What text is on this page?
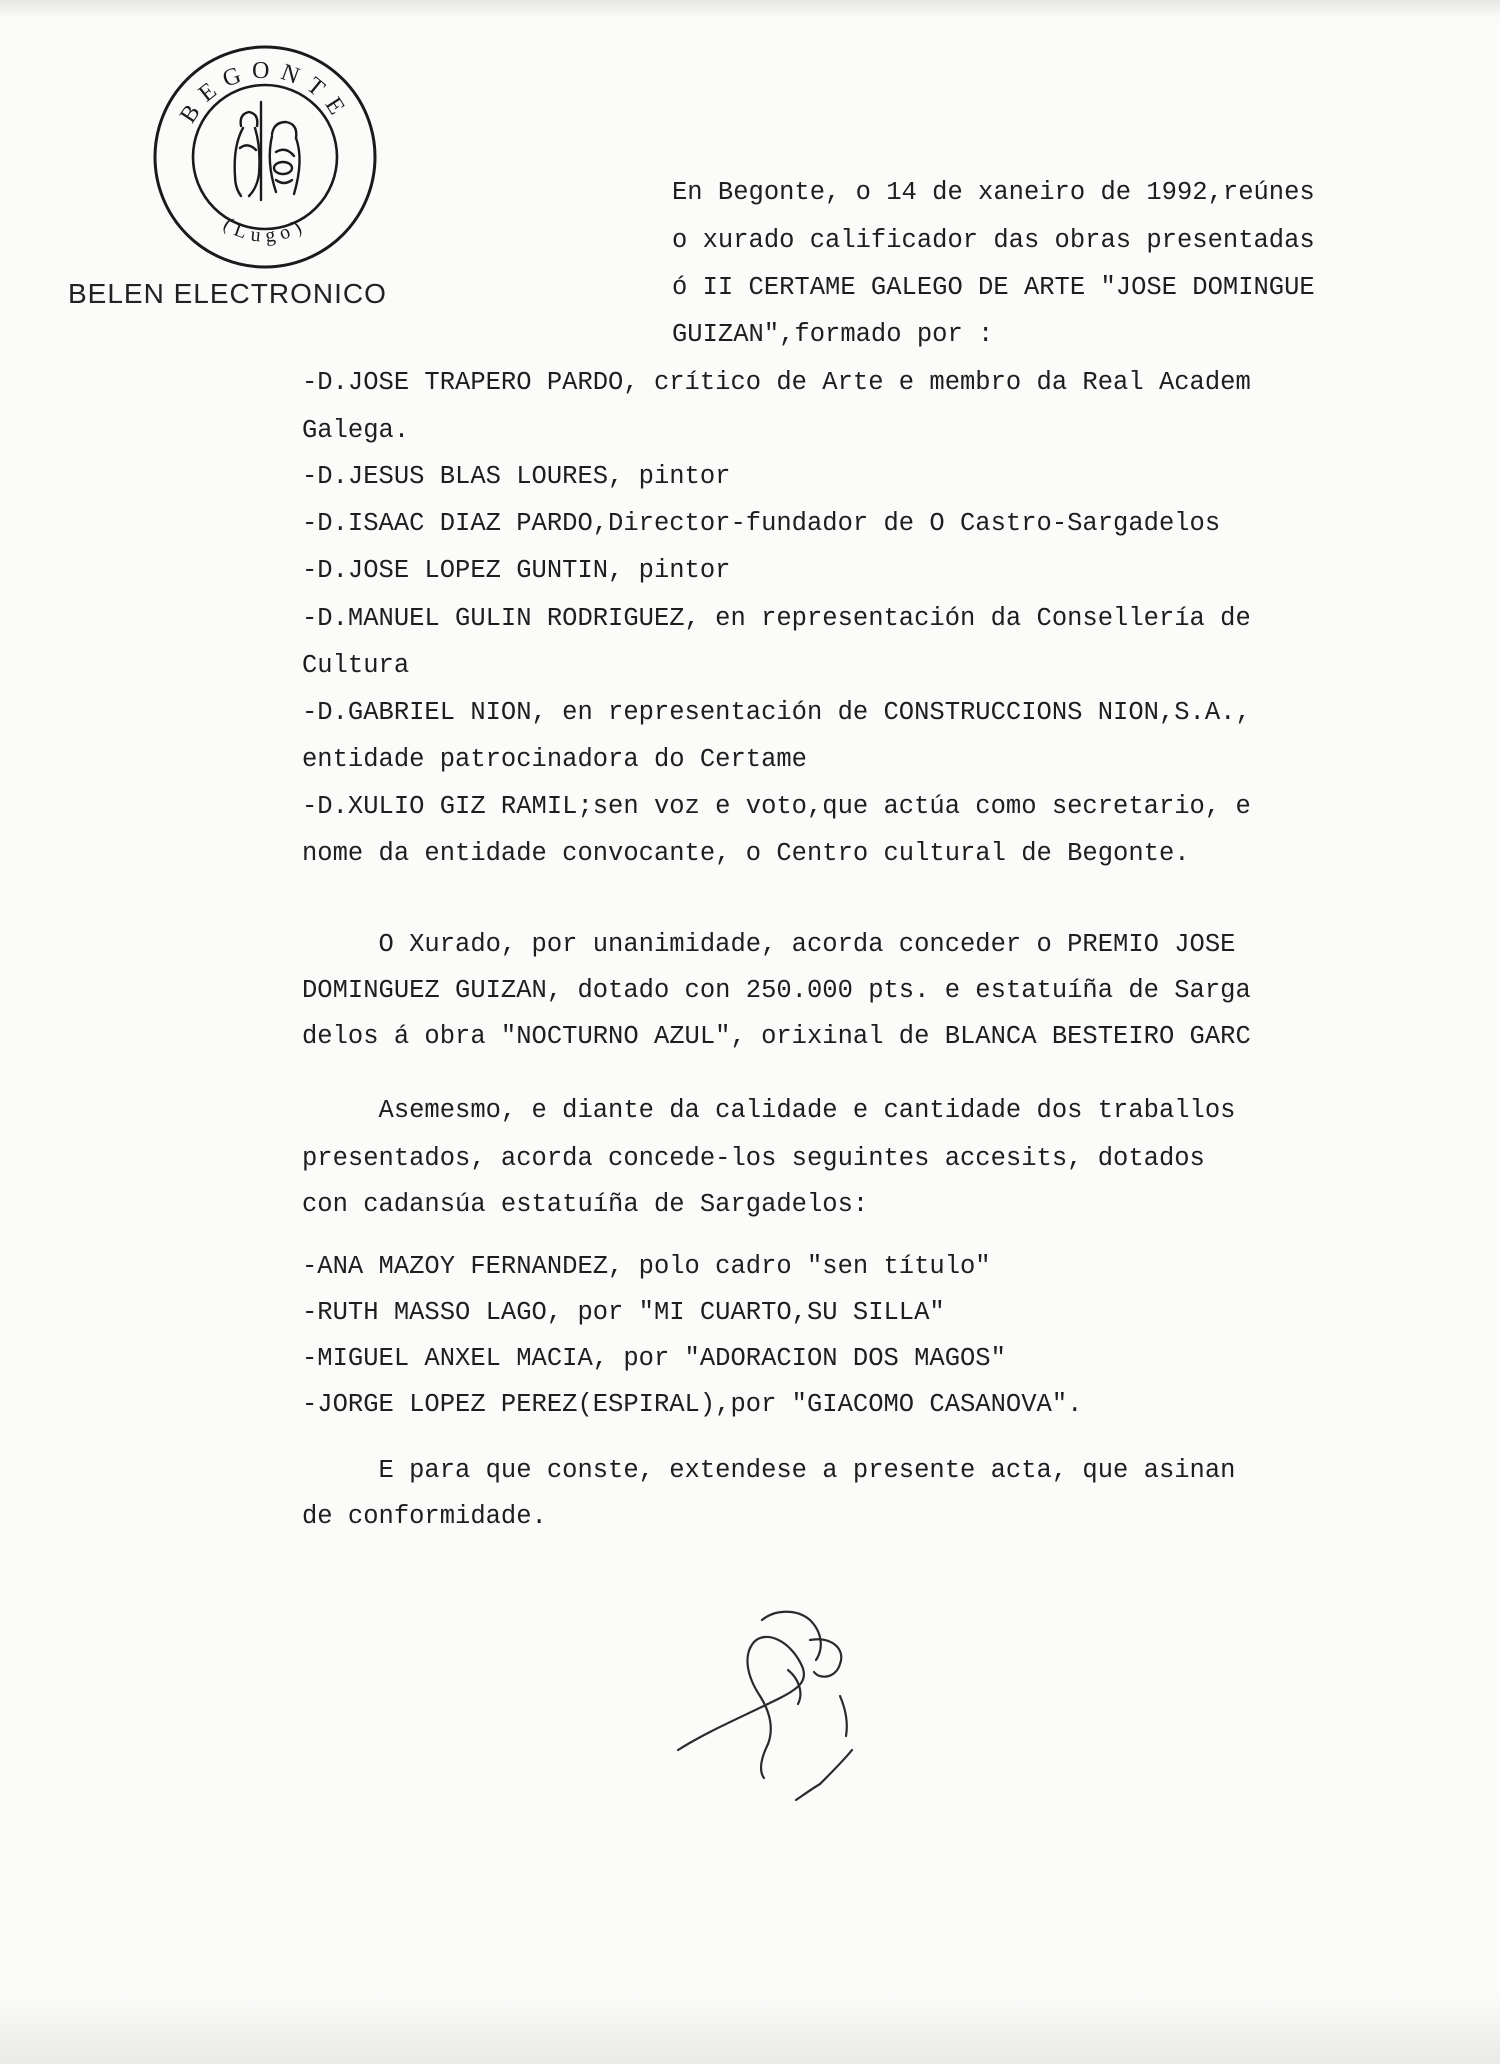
BEGONTE
(Lugo)
BELEN ELECTRONICO

En Begonte, o 14 de xaneiro de 1992,reúnes

o xurado calificador das obras presentadas

ó II CERTAME GALEGO DE ARTE "JOSE DOMINGUE

GUIZAN",formado por :

-D.JOSE TRAPERO PARDO, crítico de Arte e membro da Real Academ

Galega.

-D.JESUS BLAS LOURES, pintor

-D.ISAAC DIAZ PARDO,Director-fundador de O Castro-Sargadelos

-D.JOSE LOPEZ GUNTIN, pintor

-D.MANUEL GULIN RODRIGUEZ, en representación da Consellería de

Cultura

-D.GABRIEL NION, en representación de CONSTRUCCIONS NION,S.A.,

entidade patrocinadora do Certame

-D.XULIO GIZ RAMIL;sen voz e voto,que actúa como secretario, e

nome da entidade convocante, o Centro cultural de Begonte.

O Xurado, por unanimidade, acorda conceder o PREMIO JOSE

DOMINGUEZ GUIZAN, dotado con 250.000 pts. e estatuíña de Sarga

delos á obra "NOCTURNO AZUL", orixinal de BLANCA BESTEIRO GARC

Asemesmo, e diante da calidade e cantidade dos traballos

presentados, acorda concede-los seguintes accesits, dotados

con cadansúa estatuíña de Sargadelos:

-ANA MAZOY FERNANDEZ, polo cadro "sen título"

-RUTH MASSO LAGO, por "MI CUARTO,SU SILLA"

-MIGUEL ANXEL MACIA, por "ADORACION DOS MAGOS"

-JORGE LOPEZ PEREZ(ESPIRAL),por "GIACOMO CASANOVA".

E para que conste, extendese a presente acta, que asinan

de conformidade.
